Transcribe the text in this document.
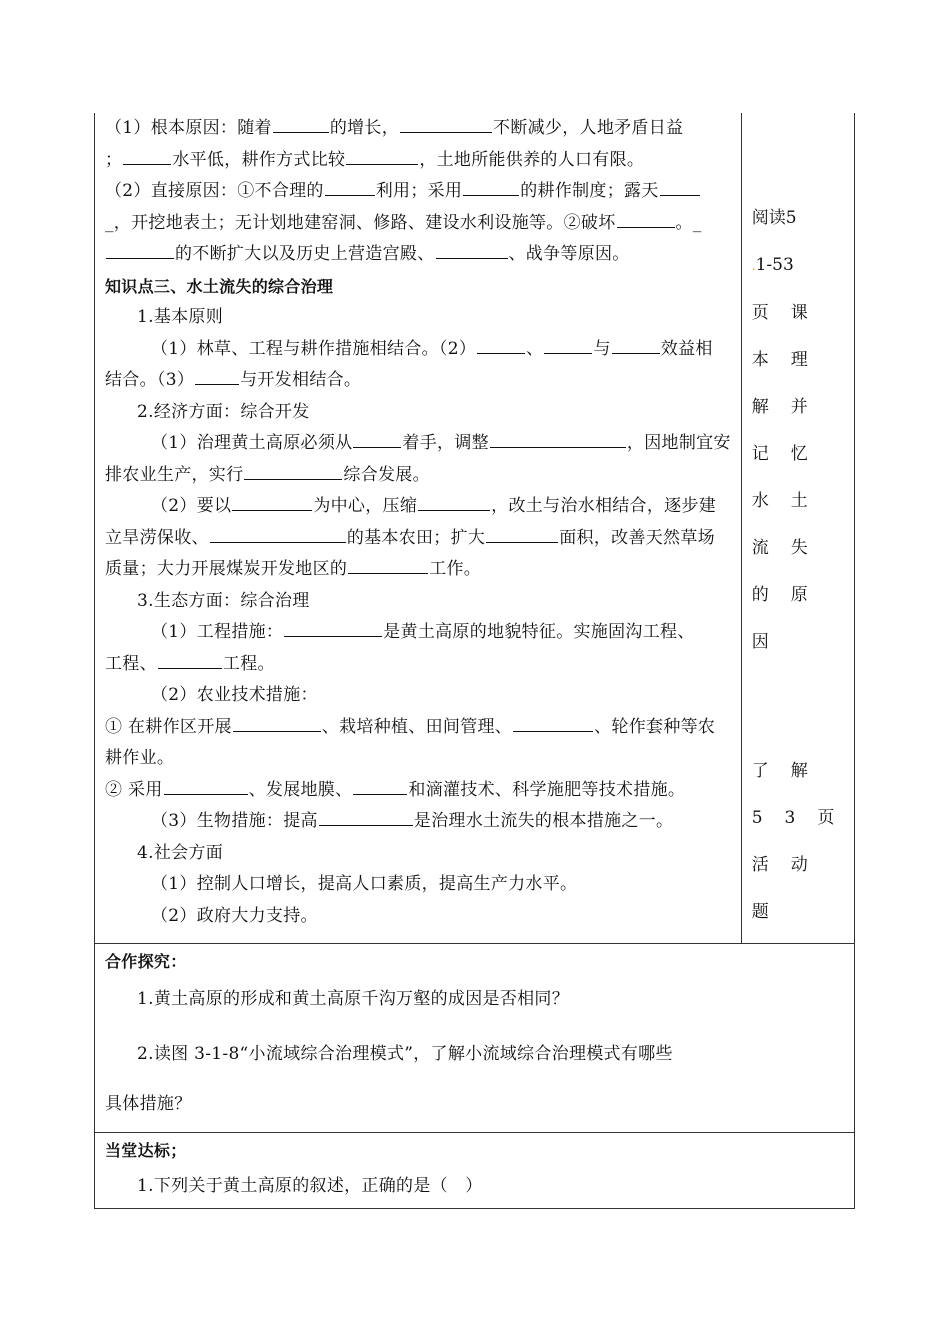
（1）根本原因：随着	的增长，	不断减少，人地矛盾日益
；	水平低，耕作方式比较	，土地所能供养的人口有限。
（2）直接原因：①不合理的	利用；采用	的耕作制度；露天
_，开挖地表土；无计划地建窑洞、修路、建设水利设施等。②破坏	。_
的不断扩大以及历史上营造宫殿、	、战争等原因。
知识点三、水土流失的综合治理
1.基本原则
（1）林草、工程与耕作措施相结合。（2）	、	与	效益相
结合。（3）	与开发相结合。
2.经济方面：综合开发
（1）治理黄土高原必须从	着手，调整	，因地制宜安
排农业生产，实行	综合发展。
（2）要以	为中心，压缩	，改土与治水相结合，逐步建
立旱涝保收、	的基本农田；扩大	面积，改善天然草场
质量；大力开展煤炭开发地区的	工作。
3.生态方面：综合治理
（1）工程措施：	是黄土高原的地貌特征。实施固沟工程、
工程、	工程。
（2）农业技术措施：
① 在耕作区开展	、栽培种植、田间管理、	、轮作套种等农
耕作业。
② 采用	、发展地膜、	和滴灌技术、科学施肥等技术措施。
（3）生物措施：提高	是治理水土流失的根本措施之一。
4.社会方面
（1）控制人口增长，提高人口素质，提高生产力水平。
（2）政府大力支持。
阅读5
.1-53
页课
本理
解并
记忆
水土
流失
的原
因
了解
53页
活动
题
合作探究：
1.黄土高原的形成和黄土高原千沟万壑的成因是否相同？
2.读图 3-1-8“小流域综合治理模式”，了解小流域综合治理模式有哪些
具体措施？
当堂达标；
1.下列关于黄土高原的叙述，正确的是（　）
